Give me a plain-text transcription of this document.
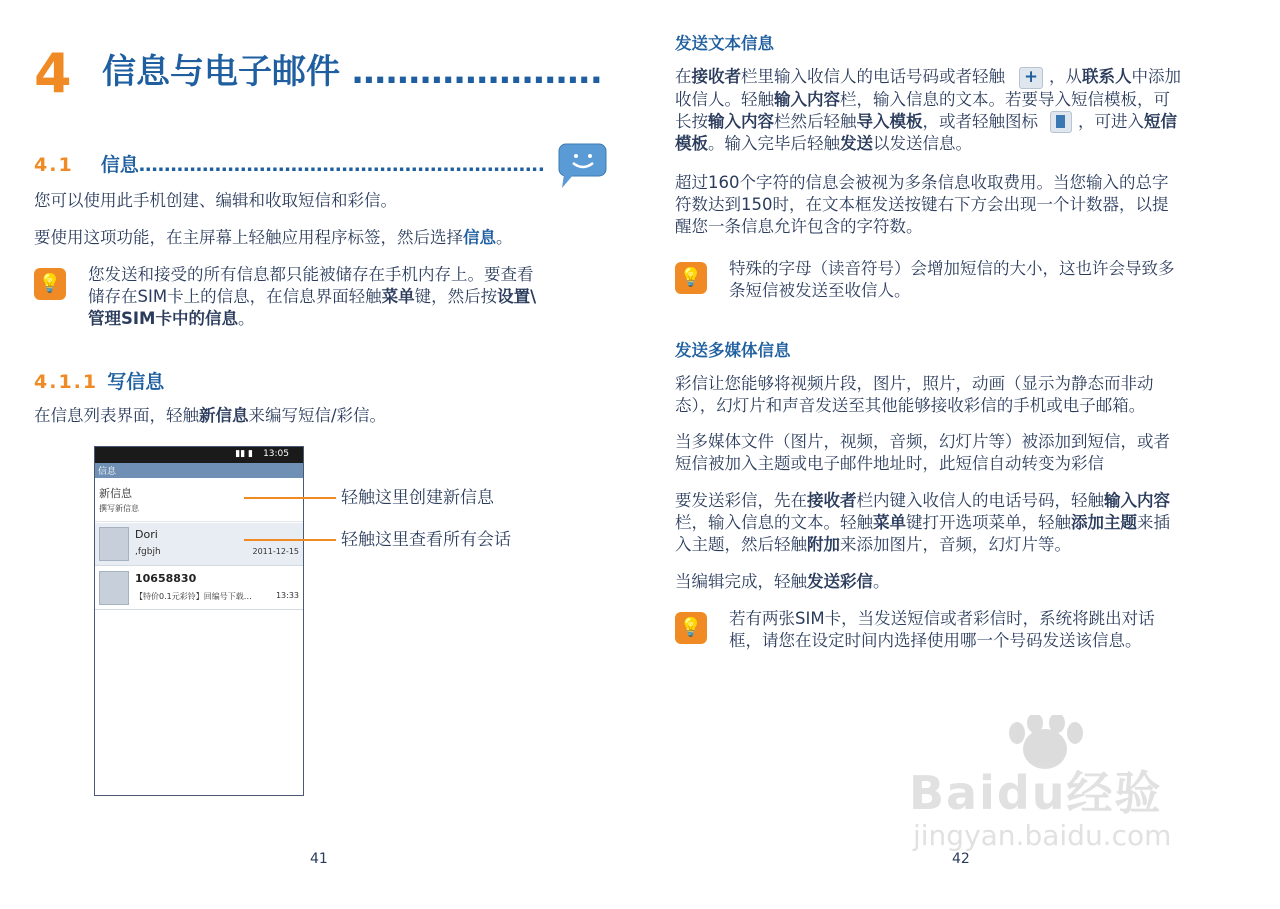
4 信息与电子邮件 ………………….
4.1 信息……………………………………………………….
您可以使用此手机创建、编辑和收取短信和彩信。
要使用这项功能，在主屏幕上轻触应用程序标签，然后选择信息。
💡 您发送和接受的所有信息都只能被储存在手机内存上。要查看
储存在SIM卡上的信息，在信息界面轻触菜单键，然后按设置\
管理SIM卡中的信息。
4.1.1 写信息
在信息列表界面，轻触新信息来编写短信/彩信。
13:05
▮▮ ▮
信息
新信息
撰写新信息
Dori
,fgbjh	2011-12-15
10658830
【特价0.1元彩铃】回编号下载…	13:33
轻触这里创建新信息
轻触这里查看所有会话
41
发送文本信息
在接收者栏里输入收信人的电话号码或者轻触 + ，从联系人中添加
收信人。轻触输入内容栏，输入信息的文本。若要导入短信模板，可
长按输入内容栏然后轻触导入模板，或者轻触图标 ，可进入短信
模板。输入完毕后轻触发送以发送信息。
超过160个字符的信息会被视为多条信息收取费用。当您输入的总字
符数达到150时，在文本框发送按键右下方会出现一个计数器，以提
醒您一条信息允许包含的字符数。
💡 特殊的字母（读音符号）会增加短信的大小，这也许会导致多
条短信被发送至收信人。
发送多媒体信息
彩信让您能够将视频片段，图片，照片，动画（显示为静态而非动
态），幻灯片和声音发送至其他能够接收彩信的手机或电子邮箱。
当多媒体文件（图片，视频，音频，幻灯片等）被添加到短信，或者
短信被加入主题或电子邮件地址时，此短信自动转变为彩信
要发送彩信，先在接收者栏内键入收信人的电话号码，轻触输入内容
栏，输入信息的文本。轻触菜单键打开选项菜单，轻触添加主题来插
入主题，然后轻触附加来添加图片，音频，幻灯片等。
当编辑完成，轻触发送彩信。
💡 若有两张SIM卡，当发送短信或者彩信时，系统将跳出对话
框，请您在设定时间内选择使用哪一个号码发送该信息。
42
Baidu经验
jingyan.baidu.com
